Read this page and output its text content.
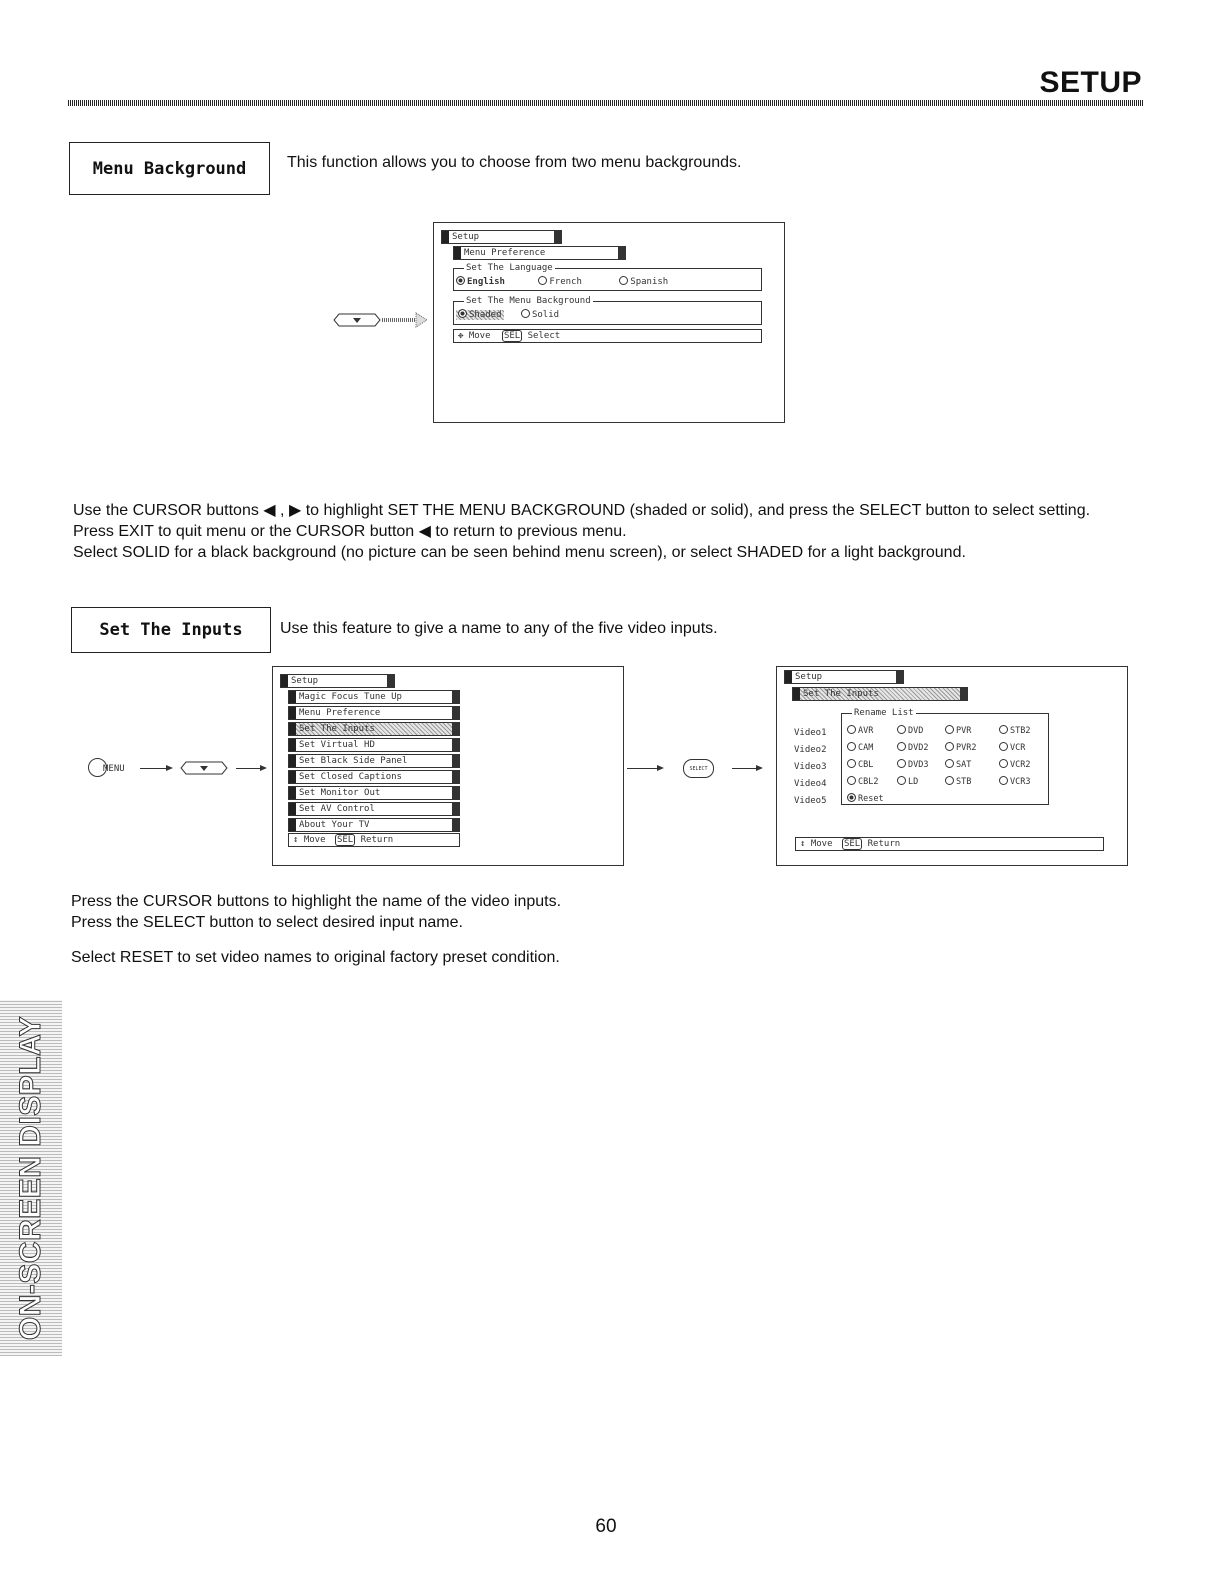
SETUP
Menu Background	This function allows you to choose from two menu backgrounds.
Setup
Menu Preference
Set The Language
English	French	Spanish
Set The Menu Background
Shaded	Solid
✥ Move SEL Select
Use the CURSOR buttons ◀ , ▶ to highlight SET THE MENU BACKGROUND (shaded or solid), and press the SELECT button to select setting.
Press EXIT to quit menu or the CURSOR button ◀ to return to previous menu.
Select SOLID for a black background (no picture can be seen behind menu screen), or select SHADED for a light background.
Set The Inputs	Use this feature to give a name to any of the five video inputs.
MENU
Setup
Magic Focus Tune Up
Menu Preference
Set The Inputs
Set Virtual HD
Set Black Side Panel
Set Closed Captions
Set Monitor Out
Set AV Control
About Your TV
↕ Move SEL Return
SELECT
Setup
Set The Inputs
Rename List
Video1
Video2
Video3
Video4
Video5
AVR	DVD	PVR	STB2
CAM	DVD2	PVR2	VCR
CBL	DVD3	SAT	VCR2
CBL2	LD	STB	VCR3
Reset
↕ Move SEL Return
Press the CURSOR buttons to highlight the name of the video inputs.
Press the SELECT button to select desired input name.
Select RESET to set video names to original factory preset condition.
ON-SCREEN DISPLAY
60
